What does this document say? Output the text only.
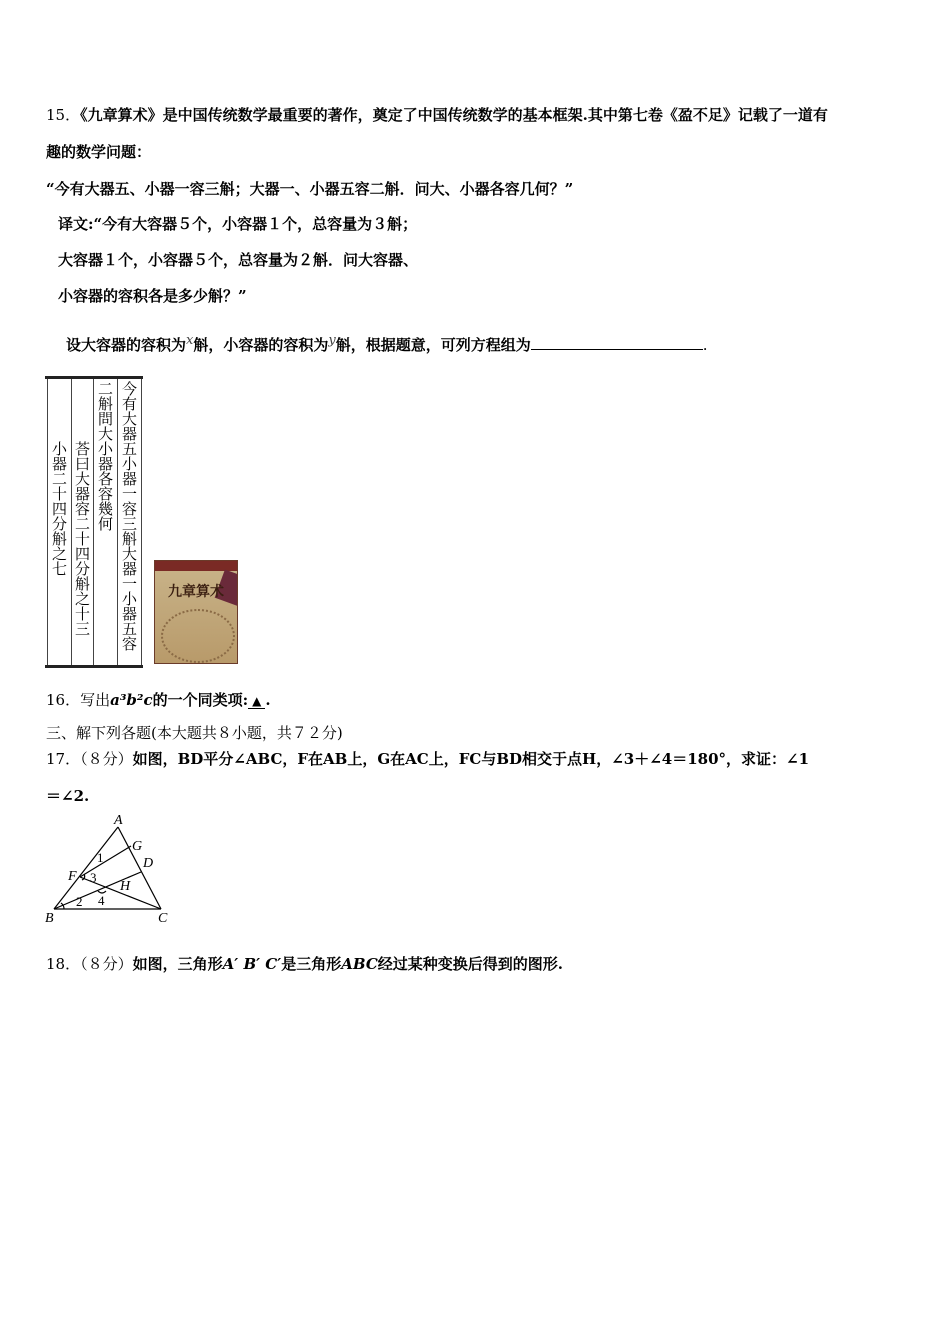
15．《九章算术》是中国传统数学最重要的著作，奠定了中国传统数学的基本框架.其中第七卷《盈不足》记载了一道有
趣的数学问题：
“今有大器五、小器一容三斛；大器一、小器五容二斛．问大、小器各容几何？”
译文:“今有大容器５个，小容器１个，总容量为３斛；
大容器１个，小容器５个，总容量为２斛．问大容器、
小容器的容积各是多少斛？”
设大容器的容积为x斛，小容器的容积为y斛，根据题意，可列方程组为	.
今有大器五小器一容三斛大器一小器五容
二斛問大小器各容幾何
荅曰大器容二十四分斛之十三
小器二十四分斛之七
九章算术
16．写出a³b²c的一个同类项: ▲ .
三、解下列各题(本大题共８小题，共７２分)
17．（８分）如图，BD平分∠ABC，F在AB上，G在AC上，FC与BD相交于点H，∠3＋∠4＝180°，求证：∠1
＝∠2.
A
B	C
D
F
G
H
1
2
3
4
18．（８分）如图，三角形A′ B′ C′是三角形ABC经过某种变换后得到的图形.
